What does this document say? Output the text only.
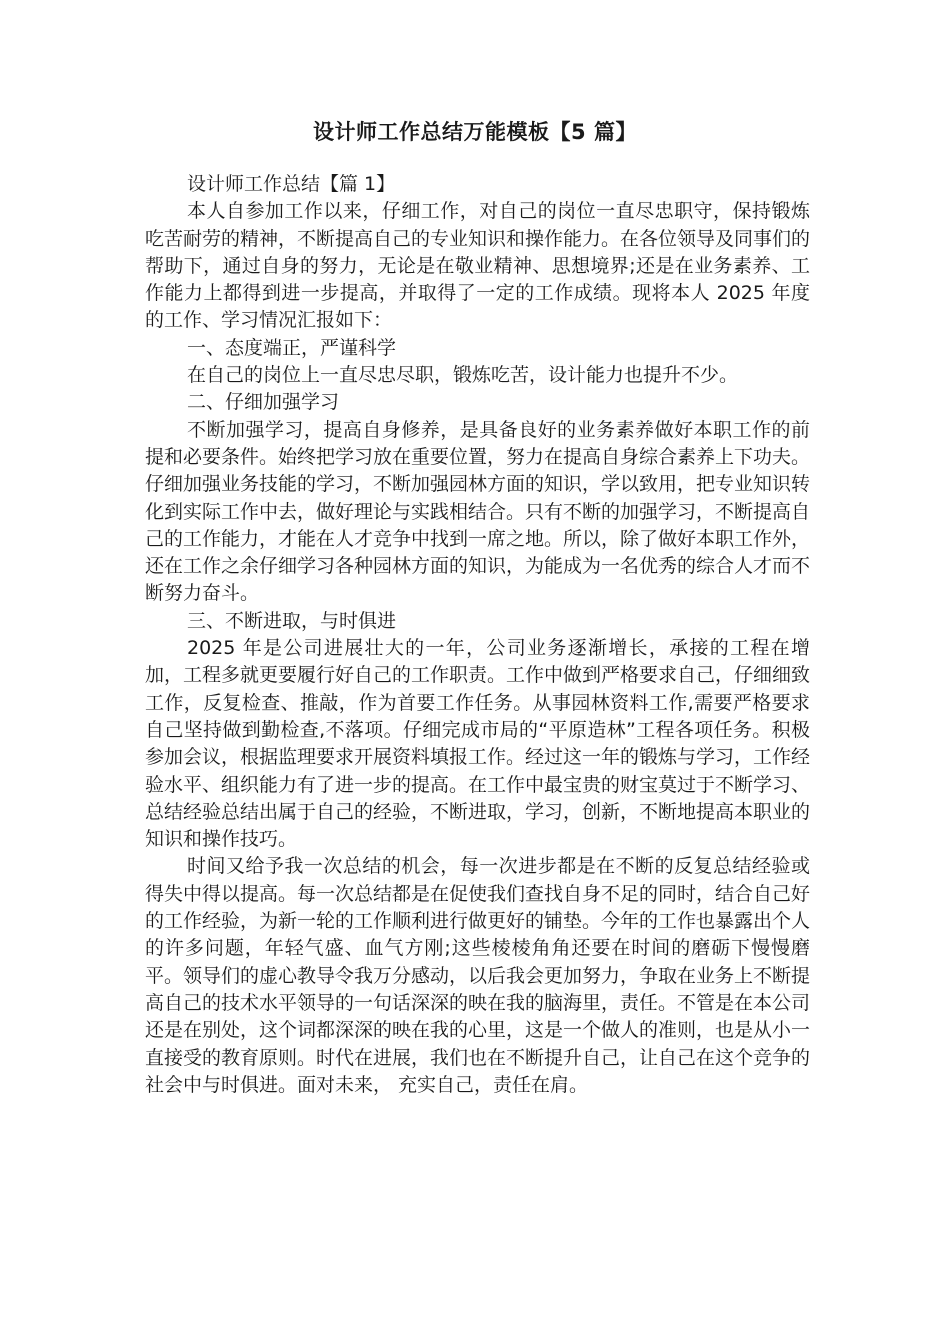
设计师工作总结万能模板【5 篇】

设计师工作总结【篇 1】

本人自参加工作以来，仔细工作，对自己的岗位一直尽忠职守，保持锻炼吃苦耐劳的精神，不断提高自己的专业知识和操作能力。在各位领导及同事们的帮助下，通过自身的努力，无论是在敬业精神、思想境界;还是在业务素养、工作能力上都得到进一步提高，并取得了一定的工作成绩。现将本人 2025 年度的工作、学习情况汇报如下：

一、态度端正，严谨科学

在自己的岗位上一直尽忠尽职，锻炼吃苦，设计能力也提升不少。

二、仔细加强学习

不断加强学习，提高自身修养，是具备良好的业务素养做好本职工作的前提和必要条件。始终把学习放在重要位置，努力在提高自身综合素养上下功夫。仔细加强业务技能的学习，不断加强园林方面的知识，学以致用，把专业知识转化到实际工作中去，做好理论与实践相结合。只有不断的加强学习，不断提高自己的工作能力，才能在人才竞争中找到一席之地。所以，除了做好本职工作外，还在工作之余仔细学习各种园林方面的知识，为能成为一名优秀的综合人才而不断努力奋斗。

三、不断进取，与时俱进

2025 年是公司进展壮大的一年，公司业务逐渐增长，承接的工程在增加，工程多就更要履行好自己的工作职责。工作中做到严格要求自己，仔细细致工作，反复检查、推敲，作为首要工作任务。从事园林资料工作,需要严格要求自己坚持做到勤检查,不落项。仔细完成市局的“平原造林”工程各项任务。积极参加会议，根据监理要求开展资料填报工作。经过这一年的锻炼与学习，工作经验水平、组织能力有了进一步的提高。在工作中最宝贵的财宝莫过于不断学习、总结经验总结出属于自己的经验，不断进取，学习，创新，不断地提高本职业的知识和操作技巧。

时间又给予我一次总结的机会，每一次进步都是在不断的反复总结经验或得失中得以提高。每一次总结都是在促使我们查找自身不足的同时，结合自己好的工作经验，为新一轮的工作顺利进行做更好的铺垫。今年的工作也暴露出个人的许多问题，年轻气盛、血气方刚;这些棱棱角角还要在时间的磨砺下慢慢磨平。领导们的虚心教导令我万分感动，以后我会更加努力，争取在业务上不断提高自己的技术水平领导的一句话深深的映在我的脑海里，责任。不管是在本公司还是在别处，这个词都深深的映在我的心里，这是一个做人的准则，也是从小一直接受的教育原则。时代在进展，我们也在不断提升自己，让自己在这个竞争的社会中与时俱进。面对未来， 充实自己，责任在肩。
